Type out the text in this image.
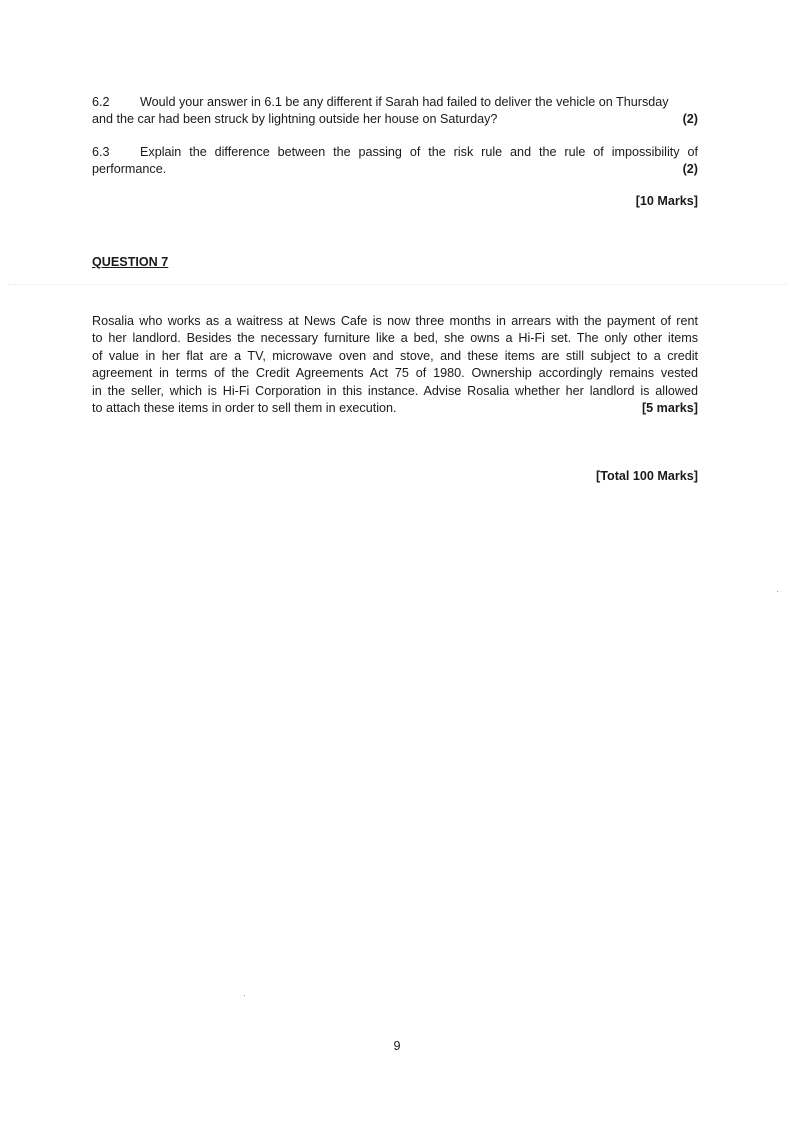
6.2 Would your answer in 6.1 be any different if Sarah had failed to deliver the vehicle on Thursday
and the car had been struck by lightning outside her house on Saturday?	(2)
6.3 Explain the difference between the passing of the risk rule and the rule of impossibility of
performance.	(2)
[10 Marks]
QUESTION 7
Rosalia who works as a waitress at News Cafe is now three months in arrears with the payment of rent
to her landlord. Besides the necessary furniture like a bed, she owns a Hi-Fi set. The only other items
of value in her flat are a TV, microwave oven and stove, and these items are still subject to a credit
agreement in terms of the Credit Agreements Act 75 of 1980. Ownership accordingly remains vested
in the seller, which is Hi-Fi Corporation in this instance. Advise Rosalia whether her landlord is allowed
to attach these items in order to sell them in execution.	[5 marks]
[Total 100 Marks]
9
